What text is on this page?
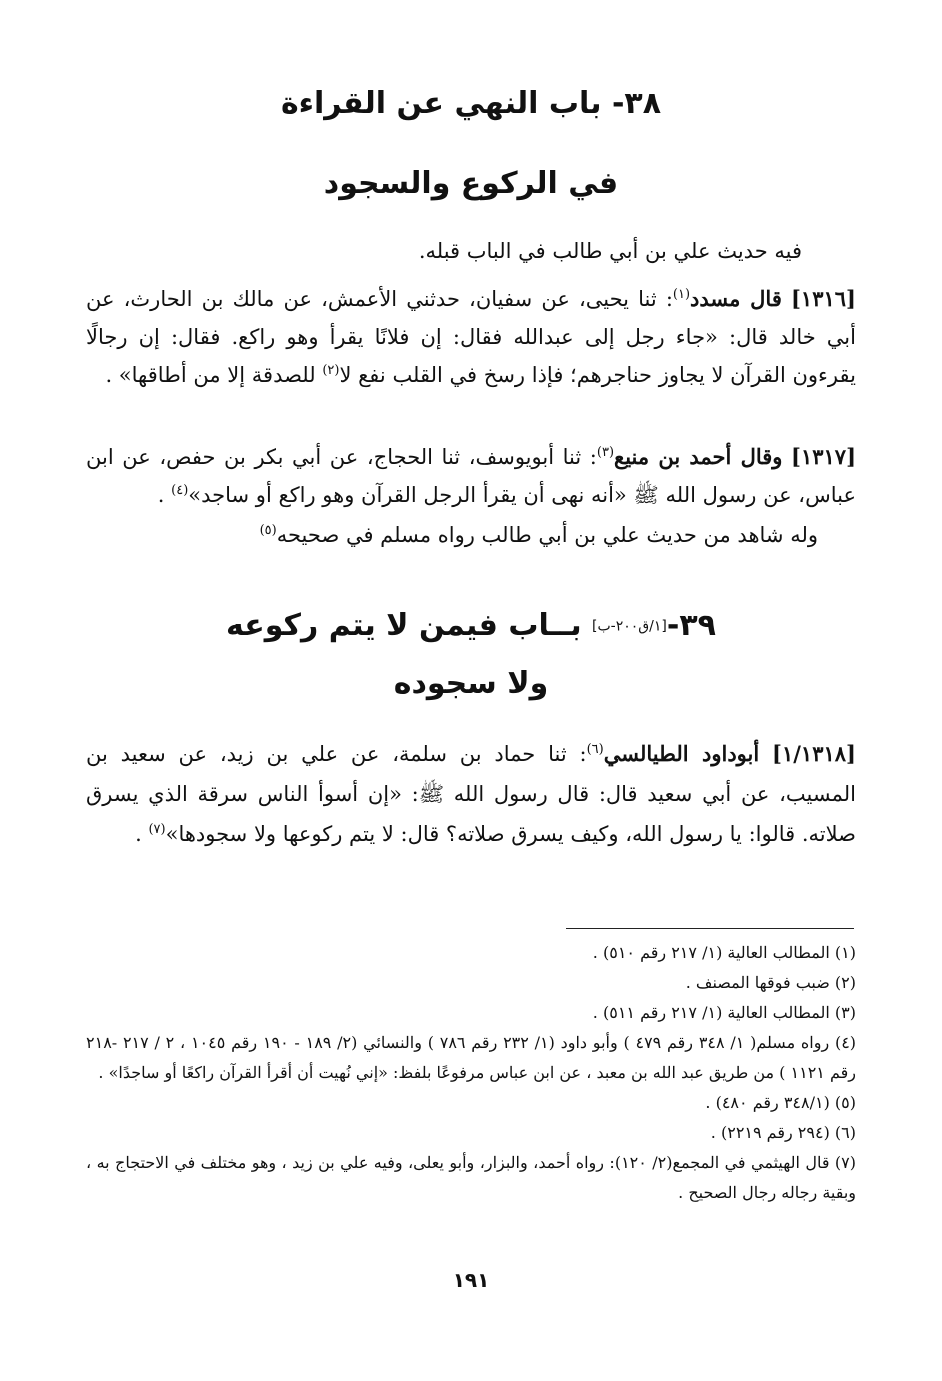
٣٨- باب النهي عن القراءة
في الركوع والسجود

فيه حديث علي بن أبي طالب في الباب قبله.

[١٣١٦] قال مسدد$^{(١)}$: ثنا يحيى، عن سفيان، حدثني الأعمش، عن مالك بن الحارث، عن أبي خالد قال: «جاء رجل إلى عبدالله فقال: إن فلانًا يقرأ وهو راكع. فقال: إن رجالًا يقرءون القرآن لا يجاوز حناجرهم؛ فإذا رسخ في القلب نفع لا$^{(٢)}$ للصدقة إلا من أطاقها» .

[١٣١٧] وقال أحمد بن منيع$^{(٣)}$: ثنا أبويوسف، ثنا الحجاج، عن أبي بكر بن حفص، عن ابن عباس، عن رسول الله ﷺ «أنه نهى أن يقرأ الرجل القرآن وهو راكع أو ساجد»$^{(٤)}$ .

وله شاهد من حديث علي بن أبي طالب رواه مسلم في صحيحه$^{(٥)}$

٣٩-[١/ق٢٠٠-ب] بــاب فيمن لا يتم ركوعه
ولا سجوده

[١/١٣١٨] أبوداود الطيالسي$^{(٦)}$: ثنا حماد بن سلمة، عن علي بن زيد، عن سعيد بن المسيب، عن أبي سعيد قال: قال رسول الله ﷺ: «إن أسوأ الناس سرقة الذي يسرق صلاته. قالوا: يا رسول الله، وكيف يسرق صلاته؟ قال: لا يتم ركوعها ولا سجودها»$^{(٧)}$ .

(١) المطالب العالية (١/ ٢١٧ رقم ٥١٠) .
(٢) ضبب فوقها المصنف .
(٣) المطالب العالية (١/ ٢١٧ رقم ٥١١) .
(٤) رواه مسلم( ١/ ٣٤٨ رقم ٤٧٩ ) وأبو داود (١/ ٢٣٢ رقم ٧٨٦ ) والنسائي (٢/ ١٨٩ - ١٩٠ رقم ١٠٤٥ ، ٢ / ٢١٧ -٢١٨ رقم ١١٢١ ) من طريق عبد الله بن معبد ، عن ابن عباس مرفوعًا بلفظ: «إني نُهيت أن أقرأ القرآن راكعًا أو ساجدًا» .
(٥) (٣٤٨/١ رقم ٤٨٠) .
(٦) (٢٩٤ رقم ٢٢١٩) .
(٧) قال الهيثمي في المجمع(٢/ ١٢٠): رواه أحمد، والبزار، وأبو يعلى، وفيه علي بن زيد ، وهو مختلف في الاحتجاج به ، وبقية رجاله رجال الصحيح .
١٩١
